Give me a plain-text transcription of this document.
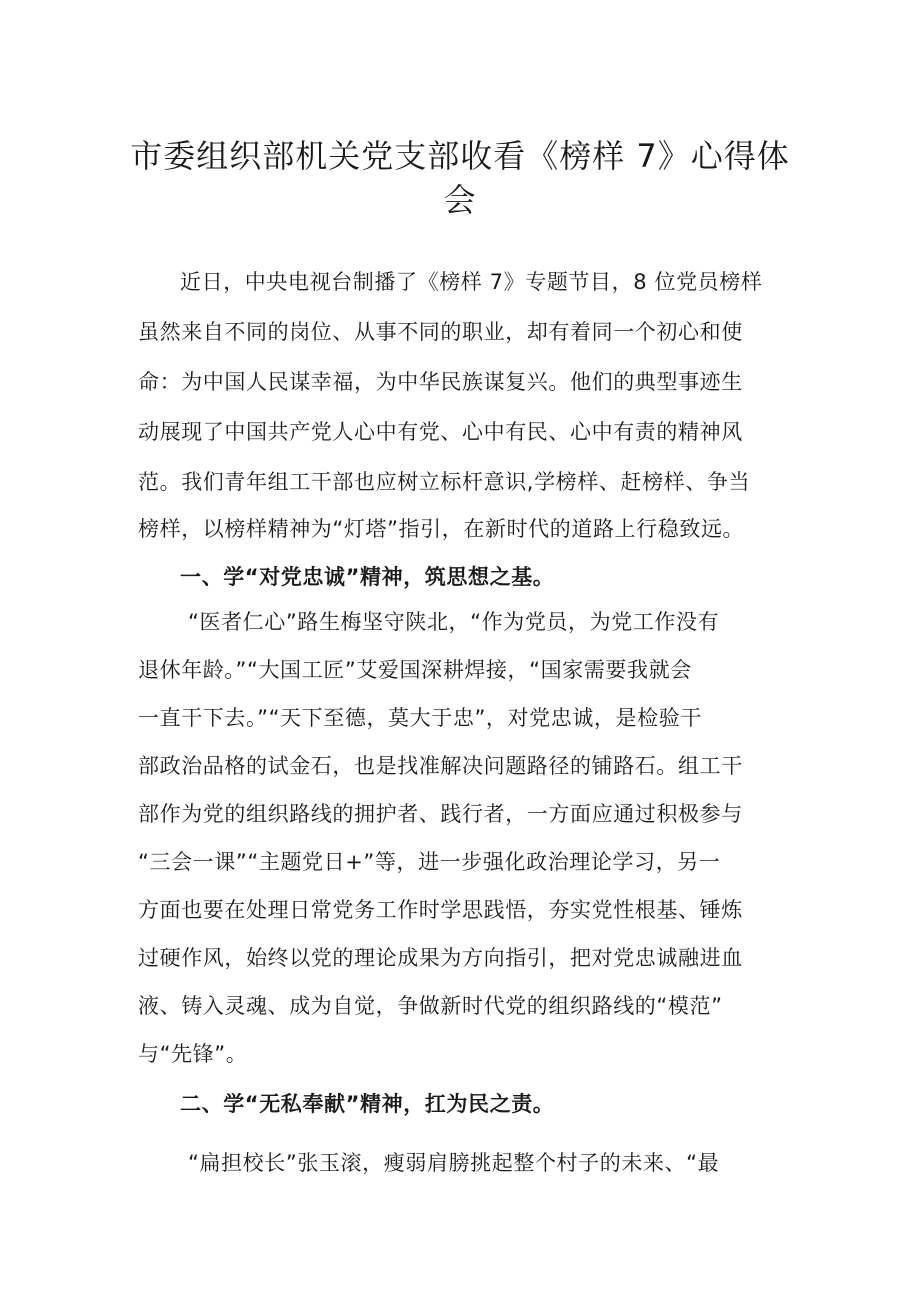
市委组织部机关党支部收看《榜样 7》心得体
会

近日，中央电视台制播了《榜样 7》专题节目，8 位党员榜样

虽然来自不同的岗位、从事不同的职业，却有着同一个初心和使

命：为中国人民谋幸福，为中华民族谋复兴。他们的典型事迹生

动展现了中国共产党人心中有党、心中有民、心中有责的精神风

范。我们青年组工干部也应树立标杆意识,学榜样、赶榜样、争当

榜样，以榜样精神为“灯塔”指引，在新时代的道路上行稳致远。

一、学“对党忠诚”精神，筑思想之基。

“医者仁心”路生梅坚守陕北，“作为党员，为党工作没有

退休年龄。”“大国工匠”艾爱国深耕焊接，“国家需要我就会

一直干下去。”“天下至德，莫大于忠”，对党忠诚，是检验干

部政治品格的试金石，也是找准解决问题路径的铺路石。组工干

部作为党的组织路线的拥护者、践行者，一方面应通过积极参与

“三会一课”“主题党日+”等，进一步强化政治理论学习，另一

方面也要在处理日常党务工作时学思践悟，夯实党性根基、锤炼

过硬作风，始终以党的理论成果为方向指引，把对党忠诚融进血

液、铸入灵魂、成为自觉，争做新时代党的组织路线的“模范”

与“先锋”。

二、学“无私奉献”精神，扛为民之责。

“扁担校长”张玉滚，瘦弱肩膀挑起整个村子的未来、“最
